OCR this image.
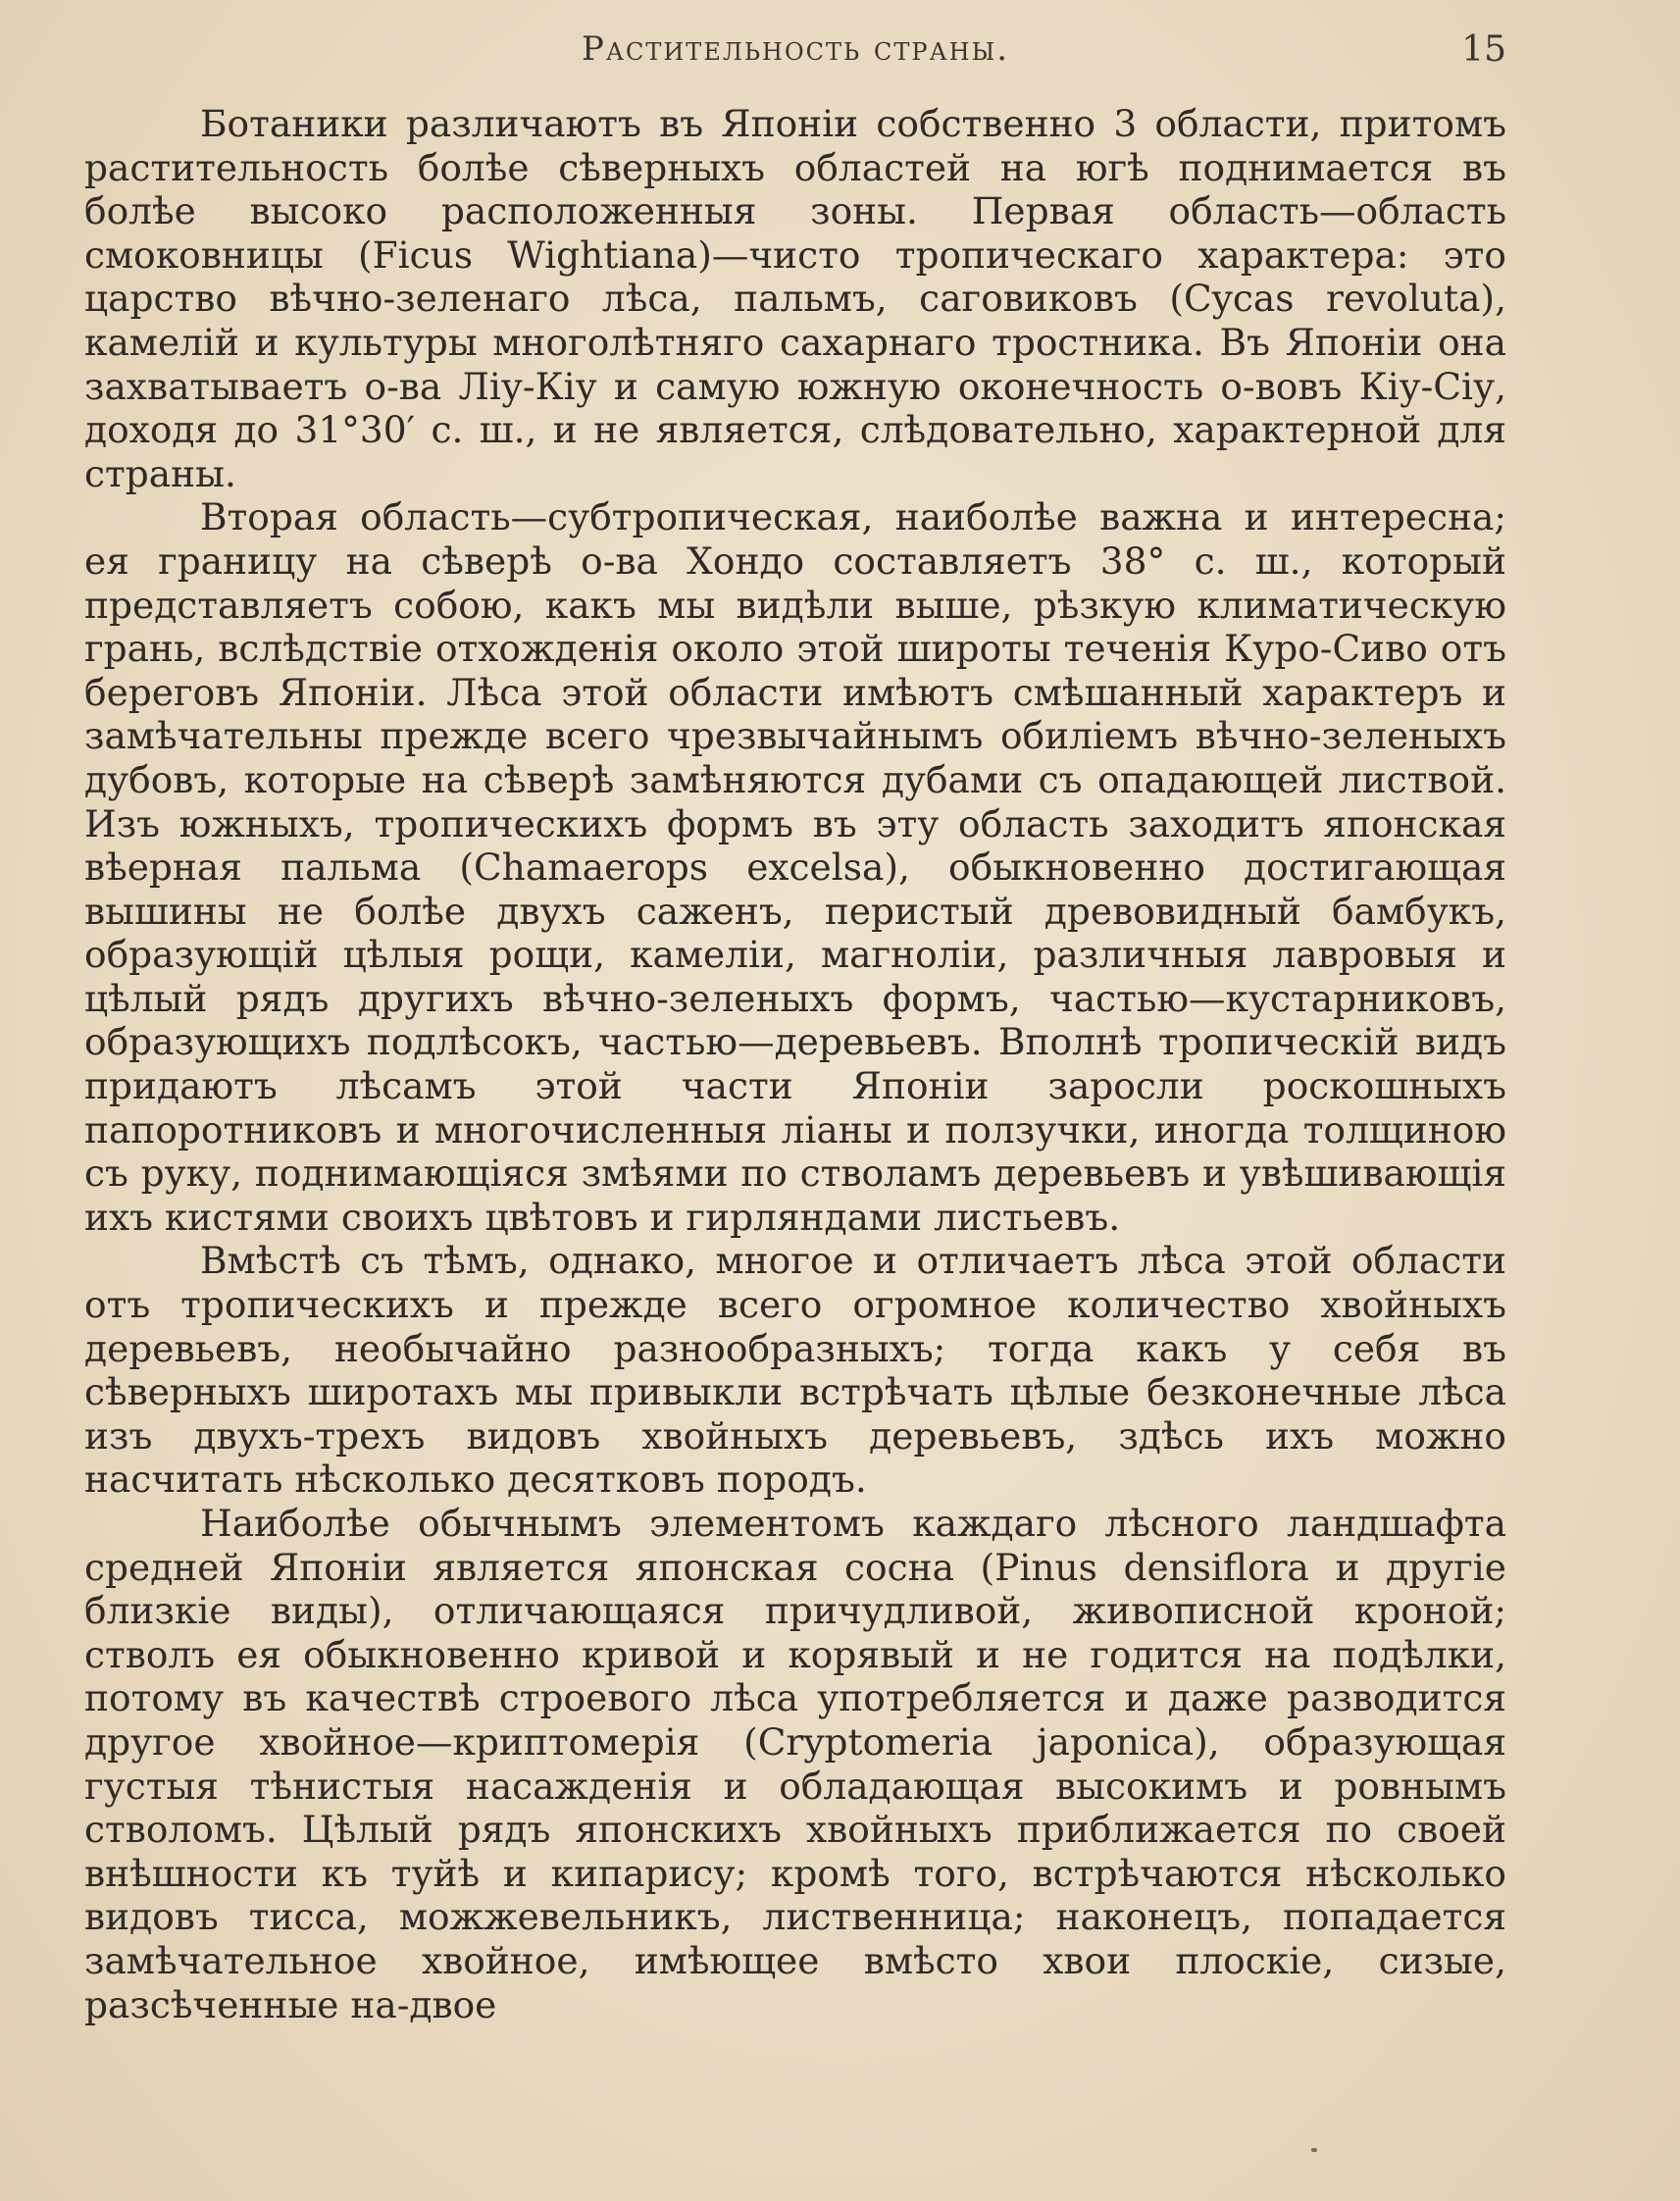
Растительность страны.	15

Ботаники различаютъ въ Японіи собственно 3 области, притомъ растительность болѣе сѣверныхъ областей на югѣ поднимается въ болѣе высоко расположенныя зоны. Первая область—область смоковницы (Ficus Wightiana)—чисто тропическаго характера: это царство вѣчно-зеленаго лѣса, пальмъ, саговиковъ (Cycas revoluta), камелій и культуры многолѣтняго сахарнаго тростника. Въ Японіи она захватываетъ о-ва Ліу-Кіу и самую южную оконечность о-вовъ Кіу-Сіу, доходя до 31°30′ с. ш., и не является, слѣдовательно, характерной для страны.

Вторая область—субтропическая, наиболѣе важна и интересна; ея границу на сѣверѣ о-ва Хондо составляетъ 38° с. ш., который представляетъ собою, какъ мы видѣли выше, рѣзкую климатическую грань, вслѣдствіе отхожденія около этой широты теченія Куро-Сиво отъ береговъ Японіи. Лѣса этой области имѣютъ смѣшанный характеръ и замѣчательны прежде всего чрезвычайнымъ обиліемъ вѣчно-зеленыхъ дубовъ, которые на сѣверѣ замѣняются дубами съ опадающей листвой. Изъ южныхъ, тропическихъ формъ въ эту область заходитъ японская вѣерная пальма (Chamaerops excelsa), обыкновенно достигающая вышины не болѣе двухъ саженъ, перистый древовидный бамбукъ, образующій цѣлыя рощи, камеліи, магноліи, различныя лавровыя и цѣлый рядъ другихъ вѣчно-зеленыхъ формъ, частью—кустарниковъ, образующихъ подлѣсокъ, частью—деревьевъ. Вполнѣ тропическій видъ придаютъ лѣсамъ этой части Японіи заросли роскошныхъ папоротниковъ и многочисленныя ліаны и ползучки, иногда толщиною съ руку, поднимающіяся змѣями по стволамъ деревьевъ и увѣшивающія ихъ кистями своихъ цвѣтовъ и гирляндами листьевъ.

Вмѣстѣ съ тѣмъ, однако, многое и отличаетъ лѣса этой области отъ тропическихъ и прежде всего огромное количество хвойныхъ деревьевъ, необычайно разнообразныхъ; тогда какъ у себя въ сѣверныхъ широтахъ мы привыкли встрѣчать цѣлые безконечные лѣса изъ двухъ-трехъ видовъ хвойныхъ деревьевъ, здѣсь ихъ можно насчитать нѣсколько десятковъ породъ.

Наиболѣе обычнымъ элементомъ каждаго лѣсного ландшафта средней Японіи является японская сосна (Pinus densiflora и другіе близкіе виды), отличающаяся причудливой, живописной кроной; стволъ ея обыкновенно кривой и корявый и не годится на подѣлки, потому въ качествѣ строевого лѣса употребляется и даже разводится другое хвойное—криптомерія (Cryptomeria japonica), образующая густыя тѣнистыя насажденія и обладающая высокимъ и ровнымъ стволомъ. Цѣлый рядъ японскихъ хвойныхъ приближается по своей внѣшности къ туйѣ и кипарису; кромѣ того, встрѣчаются нѣсколько видовъ тисса, можжевельникъ, лиственница; наконецъ, попадается замѣчательное хвойное, имѣющее вмѣсто хвои плоскіе, сизые, разсѣченные на-двое
